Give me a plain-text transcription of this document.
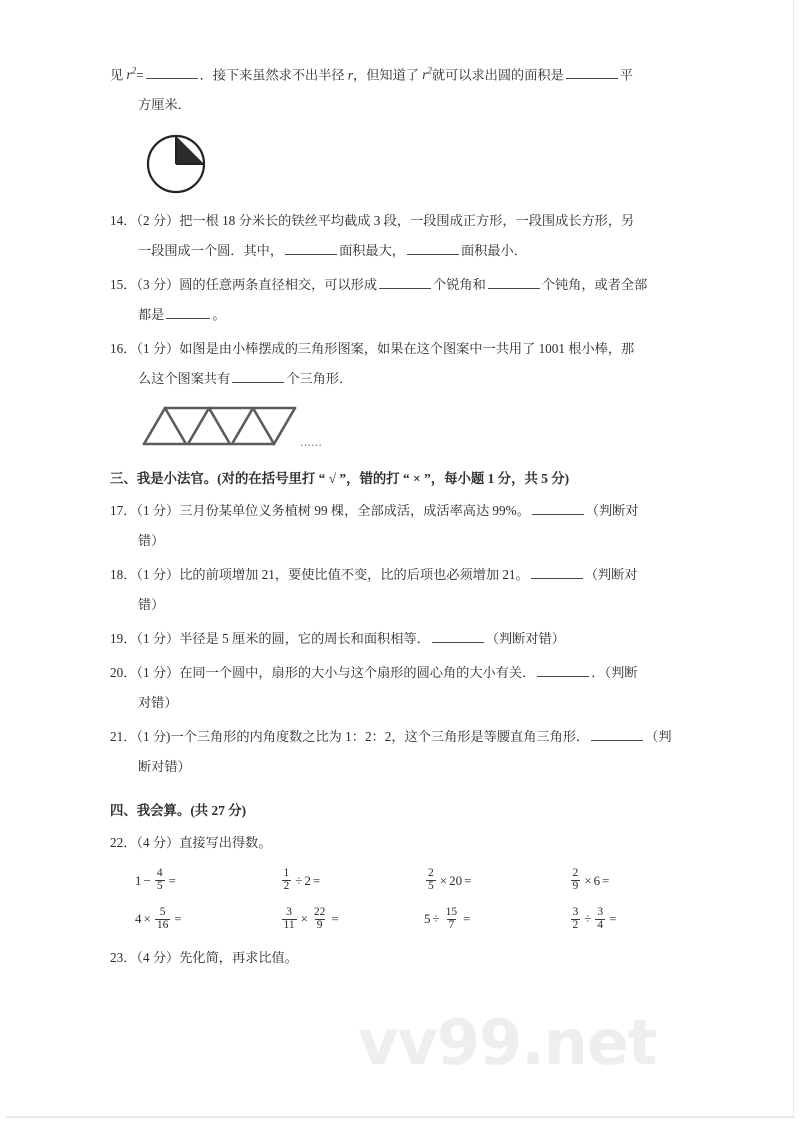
见 $r^2=$	．接下来虽然求不出半径 r，但知道了 $r^2$就可以求出圆的面积是	平
方厘米．
14．（2 分）把一根 18 分米长的铁丝平均截成 3 段，一段围成正方形，一段围成长方形，另
一段围成一个圆．其中，	面积最大，	面积最小．
15．（3 分）圆的任意两条直径相交，可以形成	个锐角和	个钝角，或者全部
都是	。
16．（1 分）如图是由小棒摆成的三角形图案，如果在这个图案中一共用了 1001 根小棒，那
么这个图案共有	个三角形．
……
三、我是小法官。(对的在括号里打 “ √ ”，错的打 “ × ”，每小题 1 分，共 5 分)
17．（1 分）三月份某单位义务植树 99 棵，全部成活，成活率高达 99%。	（判断对
错）
18．（1 分）比的前项增加 21，要使比值不变，比的后项也必须增加 21。	（判断对
错）
19．（1 分）半径是 5 厘米的圆，它的周长和面积相等．	（判断对错）
20．（1 分）在同一个圆中，扇形的大小与这个扇形的圆心角的大小有关．	．（判断
对错）
21．（1 分)一个三角形的内角度数之比为 1：2：2，这个三角形是等腰直角三角形．	（判
断对错）
四、我会算。(共 27 分)
22．（4 分）直接写出得数。
$1 - \frac{4}{5}$ =	$\frac{1}{2} \div 2$ =	$\frac{2}{5} \times 20$ =	$\frac{2}{9} \times 6$ =
$4 \times \frac{5}{16}$ =	$\frac{3}{11} \times \frac{22}{9}$ =	$5 \div \frac{15}{7}$ =	$\frac{3}{2} \div \frac{3}{4}$ =
23．（4 分）先化简，再求比值。
vv99.net
